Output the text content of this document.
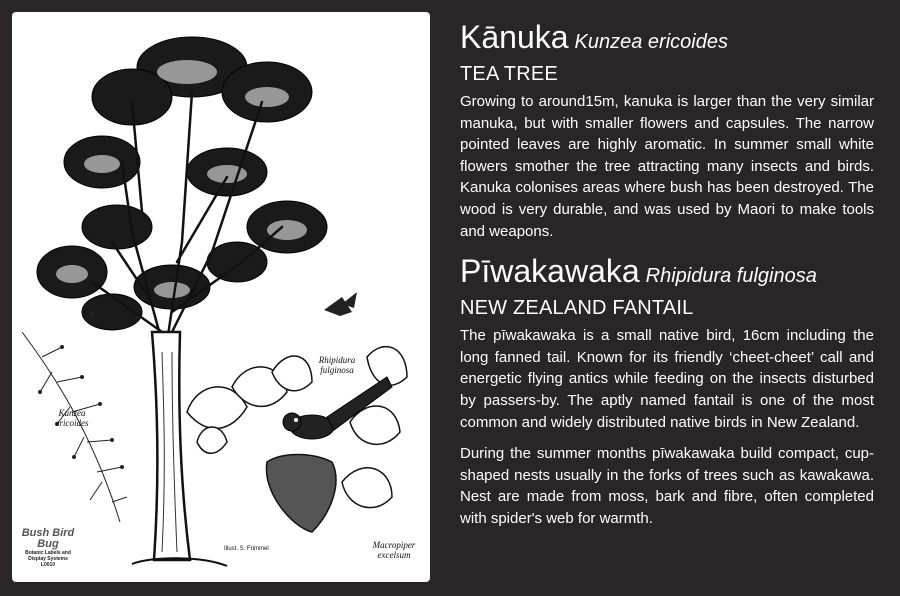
Kunzea ericoides
Rhipidura fulginosa
Macropiper excelsum
Illust. S. Frimmel
Bush Bird Bug
Botanic Labels and Display Systems
L0010
Kānuka Kunzea ericoides
TEA TREE

Growing to around15m, kanuka is larger than the very similar manuka, but with smaller flowers and capsules. The narrow pointed leaves are highly aromatic. In summer small white flowers smother the tree attracting many insects and birds. Kanuka colonises areas where bush has been destroyed. The wood is very durable, and was used by Maori to make tools and weapons.

Pīwakawaka Rhipidura fulginosa
NEW ZEALAND FANTAIL

The pīwakawaka is a small native bird, 16cm including the long fanned tail. Known for its friendly ‘cheet-cheet’ call and energetic flying antics while feeding on the insects disturbed by passers-by. The aptly named fantail is one of the most common and widely distributed native birds in New Zealand.

During the summer months pīwakawaka build compact, cup-shaped nests usually in the forks of trees such as kawakawa. Nest are made from moss, bark and fibre, often completed with spider's web for warmth.
